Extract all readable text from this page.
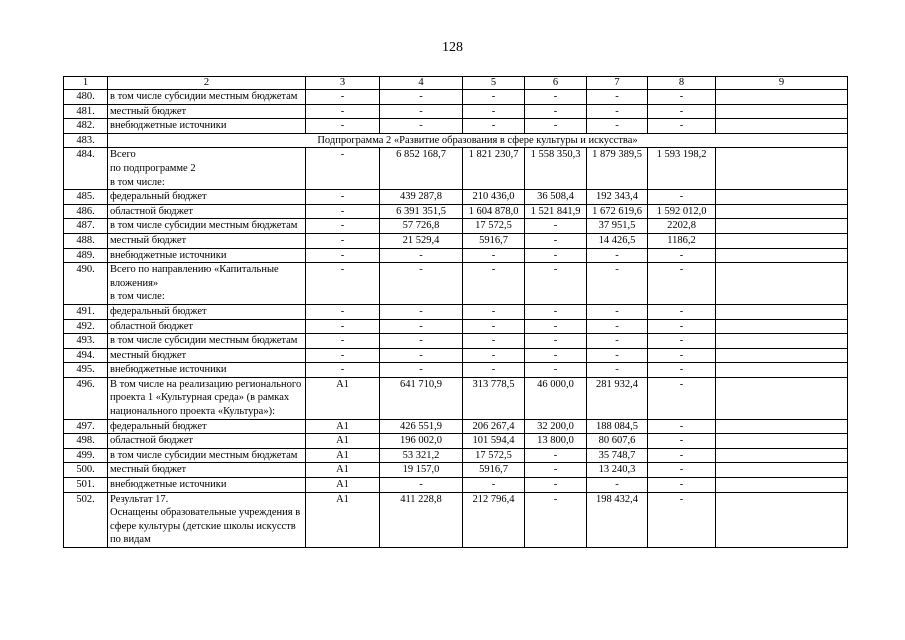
128
1	2	3	4	5	6	7	8	9
480.	в том числе субсидии местным бюджетам	-	-	-	-	-	-	
481.	местный бюджет	-	-	-	-	-	-	
482.	внебюджетные источники	-	-	-	-	-	-	
483.	Подпрограмма 2 «Развитие образования в сфере культуры и искусства»							
484.	Всего
по подпрограмме 2
в том числе:	-	6 852 168,7	1 821 230,7	1 558 350,3	1 879 389,5	1 593 198,2	
485.	федеральный бюджет	-	439 287,8	210 436,0	36 508,4	192 343,4	-	
486.	областной бюджет	-	6 391 351,5	1 604 878,0	1 521 841,9	1 672 619,6	1 592 012,0	
487.	в том числе субсидии местным бюджетам	-	57 726,8	17 572,5	-	37 951,5	2202,8	
488.	местный бюджет	-	21 529,4	5916,7	-	14 426,5	1186,2	
489.	внебюджетные источники	-	-	-	-	-	-	
490.	Всего по направлению «Капитальные вложения»
в том числе:	-	-	-	-	-	-	
491.	федеральный бюджет	-	-	-	-	-	-	
492.	областной бюджет	-	-	-	-	-	-	
493.	в том числе субсидии местным бюджетам	-	-	-	-	-	-	
494.	местный бюджет	-	-	-	-	-	-	
495.	внебюджетные источники	-	-	-	-	-	-	
496.	В том числе на реализацию регионального проекта 1 «Культурная среда» (в рамках национального проекта «Культура»):	А1	641 710,9	313 778,5	46 000,0	281 932,4	-	
497.	федеральный бюджет	А1	426 551,9	206 267,4	32 200,0	188 084,5	-	
498.	областной бюджет	А1	196 002,0	101 594,4	13 800,0	80 607,6	-	
499.	в том числе субсидии местным бюджетам	А1	53 321,2	17 572,5	-	35 748,7	-	
500.	местный бюджет	А1	19 157,0	5916,7	-	13 240,3	-	
501.	внебюджетные источники	А1	-	-	-	-	-	
502.	Результат 17.
Оснащены образовательные учреждения в сфере культуры (детские школы искусств по видам	А1	411 228,8	212 796,4	-	198 432,4	-	
